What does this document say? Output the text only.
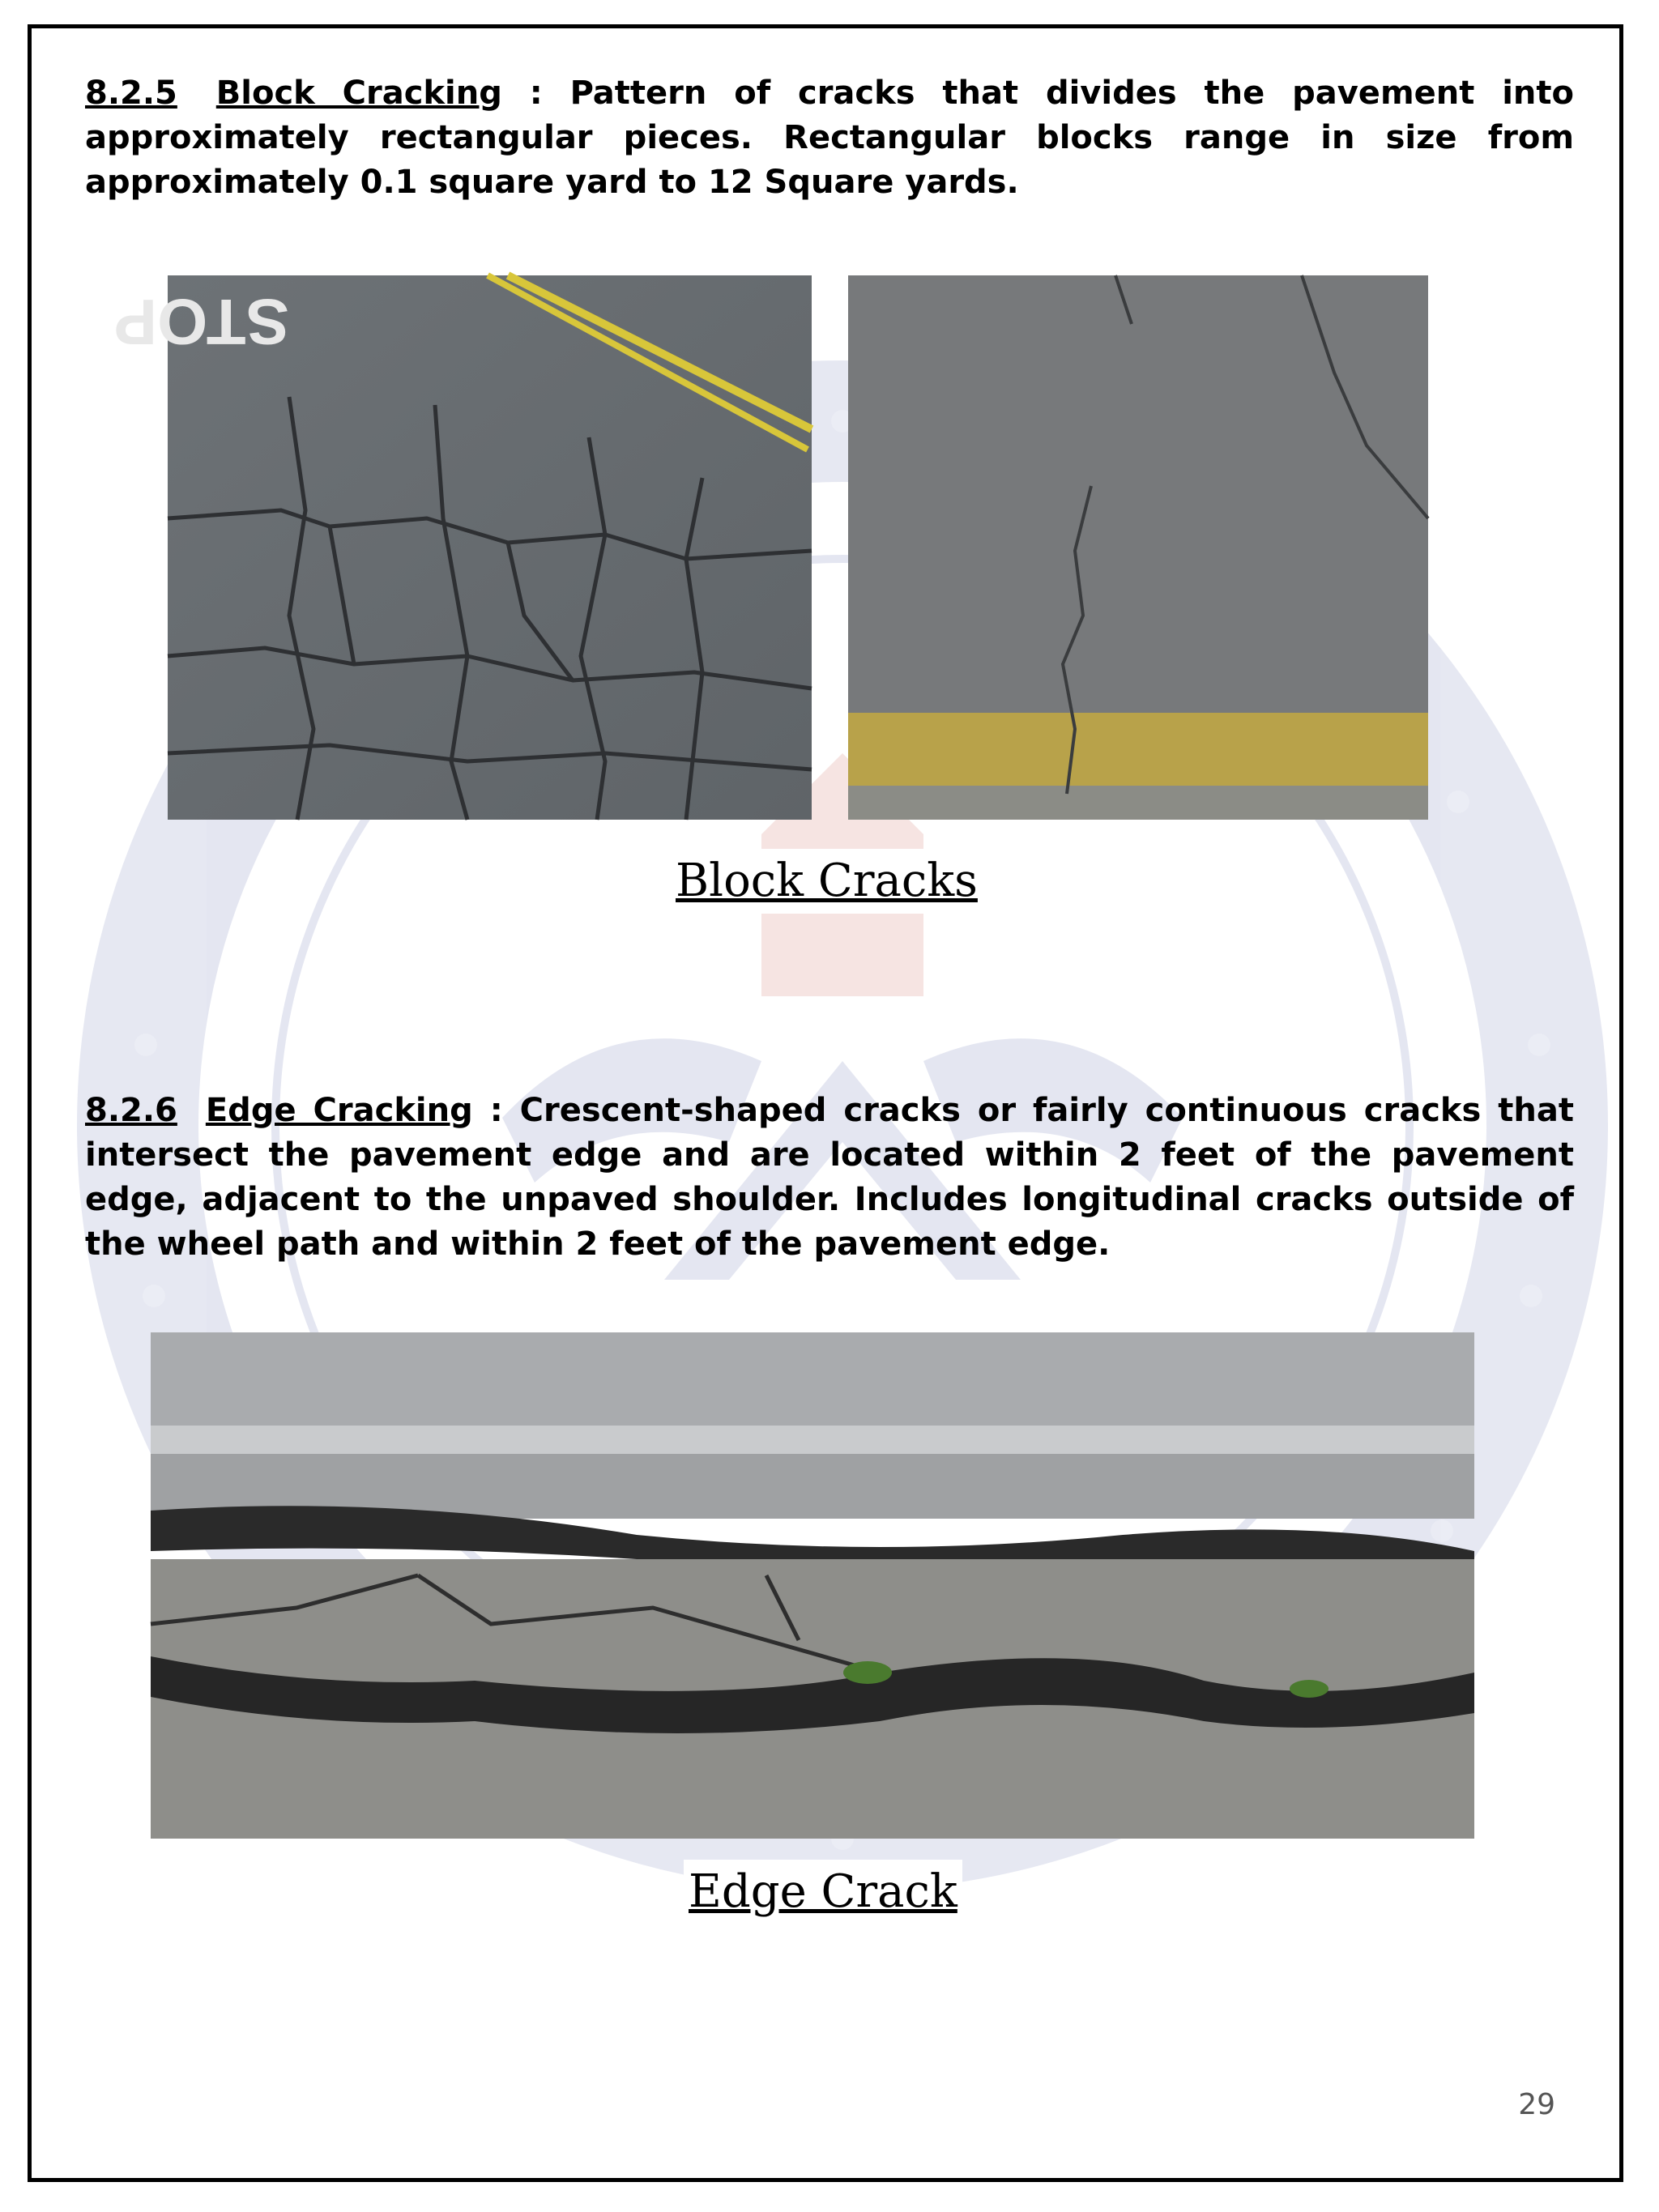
8.2.5 Block Cracking : Pattern of cracks that divides the pavement into approximately rectangular pieces. Rectangular blocks range in size from approximately 0.1 square yard to 12 Square yards.
STOP
Block Cracks
8.2.6 Edge Cracking : Crescent-shaped cracks or fairly continuous cracks that intersect the pavement edge and are located within 2 feet of the pavement edge, adjacent to the unpaved shoulder. Includes longitudinal cracks outside of the wheel path and within 2 feet of the pavement edge.
Edge Crack
29
